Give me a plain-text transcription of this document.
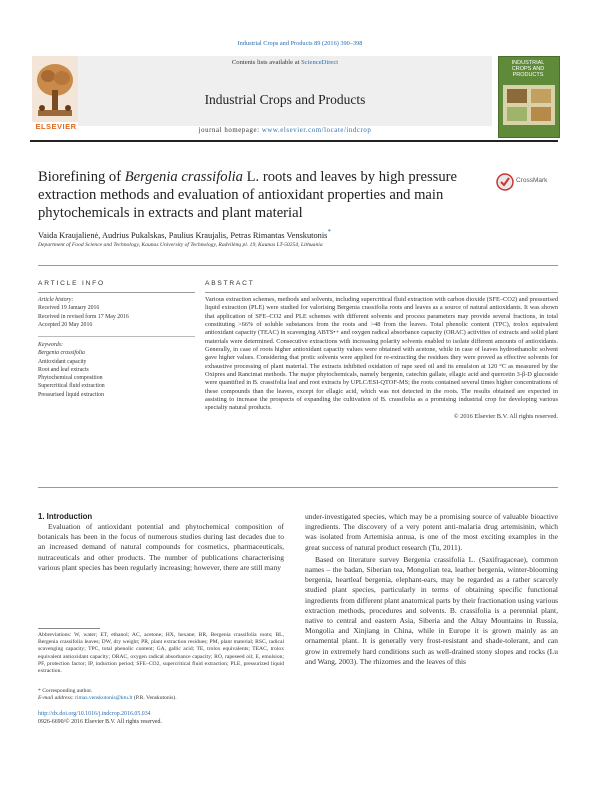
Industrial Crops and Products 89 (2016) 390–398
Contents lists available at ScienceDirect
Industrial Crops and Products
ELSEVIER
INDUSTRIAL CROPS AND PRODUCTS
journal homepage: www.elsevier.com/locate/indcrop
Biorefining of Bergenia crassifolia L. roots and leaves by high pressure extraction methods and evaluation of antioxidant properties and main phytochemicals in extracts and plant material
CrossMark
Vaida Kraujalienė, Audrius Pukalskas, Paulius Kraujalis, Petras Rimantas Venskutonis*
Department of Food Science and Technology, Kaunas University of Technology, Radvilėnų pl. 19, Kaunas LT-50254, Lithuania
ARTICLE INFO	ABSTRACT
Article history:
Received 19 January 2016
Received in revised form 17 May 2016
Accepted 20 May 2016
Keywords:
Bergenia crassifolia
Antioxidant capacity
Root and leaf extracts
Phytochemical composition
Supercritical fluid extraction
Pressurised liquid extraction
Various extraction schemes, methods and solvents, including supercritical fluid extraction with carbon dioxide (SFE–CO2) and pressurised liquid extraction (PLE) were studied for valorising Bergenia crassifolia roots and leaves as a source of natural antioxidants. It was shown that application of SFE–CO2 and PLE schemes with different solvents and process parameters may provide several fractions, in total constituting >66% of soluble substances from the roots and >48 from the leaves. Total phenolic content (TPC), trolox equivalent antioxidant capacity (TEAC) in scavenging ABTS•+ and oxygen radical absorbance capacity (ORAC) activities of extracts and solid plant materials were determined. Consecutive extractions with increasing polarity solvents enabled to isolate different amounts of antioxidants. Generally, in case of roots higher antioxidant capacity values were obtained with acetone, while in case of leaves hydroethanolic solvent gave higher values. Considering that protic solvents were applied for re-extracting the residues they were proved as effective solvents for exhaustive processing of plant material. The extracts inhibited oxidation of rape seed oil and its emulsion at 120 °C as measured by the Oxipres and Rancimat methods. The major phytochemicals, namely bergenin, catechin gallate, ellagic acid and quercetin 3-β-D glucoside were quantified in B. crassifolia leaf and root extracts by UPLC/ESI-QTOF-MS; the roots contained several times higher concentrations of these compounds than the leaves, except for ellagic acid, which was not detected in the roots. The results obtained are expected in assisting to increase the prospects of expanding the cultivation of B. crassifolia as a promising industrial crop for developing various specialty natural products.
© 2016 Elsevier B.V. All rights reserved.
1. Introduction
Evaluation of antioxidant potential and phytochemical composition of botanicals has been in the focus of numerous studies during last decades due to an increased demand of natural compounds for cosmetics, pharmaceuticals, nutraceuticals and other products. The number of publications characterising various plant species has been regularly increasing; however, there are still many
under-investigated species, which may be a promising source of valuable bioactive ingredients. The discovery of a very potent anti-malaria drug artemisinin, which was isolated from Artemisia annua, is one of the most exciting examples in the great success of natural product research (Tu, 2011).
Based on literature survey Bergenia crassifolia L. (Saxifragaceae), common names – the badan, Siberian tea, Mongolian tea, leather bergenia, winter-blooming bergenia, heartleaf bergenia, elephant-ears, may be regarded as a rather scarcely studied plant species, particularly in terms of obtaining specific functional ingredients from different plant anatomical parts by their fractionation using various extraction methods, procedures and solvents. B. crassifolia is a perennial plant, native to central and eastern Asia, Siberia and the Altay Mountains in Russia, Mongolia and Xinjiang in China, while in Europe it is grown mainly as an ornamental plant. It is generally very frost-resistant and shade-tolerant, and can grow in extremely hard conditions such as well-drained stony slopes and rocks (Lu and Wang, 2003). The rhizomes and the leaves of this
Abbreviations: W, water; ET, ethanol; AC, acetone; HX, hexane; BR, Bergenia crassifolia roots; BL, Bergenia crassifolia leaves; DW, dry weight; PR, plant extraction residues; PM, plant material; RSC, radical scavenging capacity; TPC, total phenolic content; GA, gallic acid; TE, trolox equivalents; TEAC, trolox equivalent antioxidant capacity; ORAC, oxygen radical absorbance capacity; RO, rapeseed oil; E, emulsion; PF, protection factor; IP, induction period; SFE–CO2, supercritical fluid extraction; PLE, pressurized liquid extraction.
* Corresponding author.
E-mail address: rimas.venskutonis@ktu.lt (P.R. Venskutonis).
http://dx.doi.org/10.1016/j.indcrop.2016.05.034
0926-6690/© 2016 Elsevier B.V. All rights reserved.
